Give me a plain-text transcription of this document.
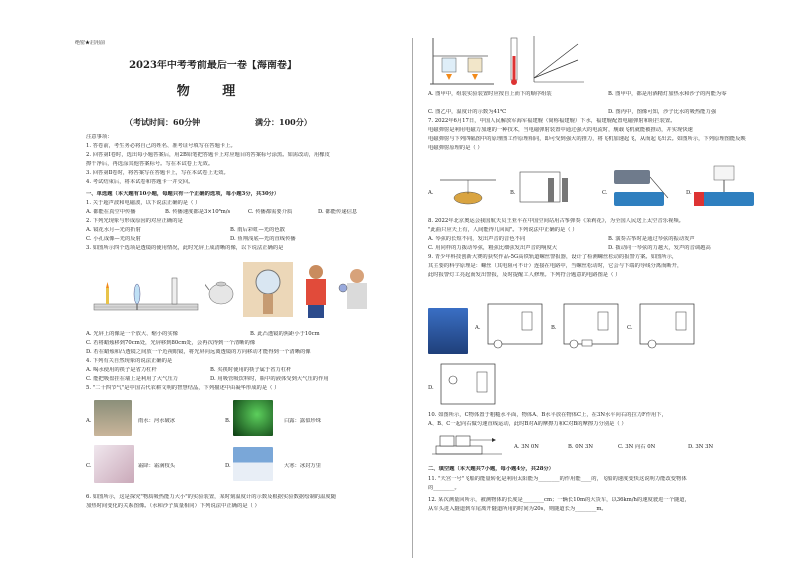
绝密★启用前
2023年中考考前最后一卷【海南卷】
物 理
（考试时间：60分钟	满分：100分）
注意事项：
1. 答卷前，考生务必将自己的姓名、准考证号填写在答题卡上。
2. 回答第Ⅰ卷时，选出每小题答案后，用2B铅笔把答题卡上对应题目的答案标号涂黑。如需改动，用橡皮
擦干净后，再选涂其他答案标号。写在本试卷上无效。
3. 回答第Ⅱ卷时，将答案写在答题卡上，写在本试卷上无效。
4. 考试结束后，将本试卷和答题卡一并交回。
一、单选题（本大题有10小题，每题只有一个正确的选项，每小题3分，共30分）
1. 关于超声波和电磁波，以下说法正确的是（ ）
A. 都能在真空中传播	B. 传播速度都是3×10⁸m/s	C. 传播都需要介质	D. 都能传递信息
2. 下列光现象与形成原因的对应正确的是
A. 镜花水月—光的折射	B. 雨后彩虹—光的色散
C. 小孔成像—光的反射	D. 鱼翔浅底—光的直线传播
3. 如图所示四个选项是透镜的使用情况，此时光屏上成清晰的像，以下说法正确的是
A. 光屏上的像是一个放大、缩小的实像	B. 此凸透镜的焦距小于10cm
C. 若将蜡烛移到70cm处，光屏移到80cm处，会再次得到一个清晰的像
D. 若在蜡烛和凸透镜之间放一个近视眼镜，将光屏向远离透镜的方向移动才能得到一个清晰的像
4. 下列有关自然现象的说法正确的是
A. 喝水使用的筷子是省力杠杆	B. 夹筷时使用的筷子属于省力杠杆
C. 能把吸盘挂在墙上是利用了大气压力	D. 用吸管吸饮料时，瓶中的液体受到大气压的作用
5. "二十四节气"是中国古代农耕文明的智慧结晶，下列描述中由凝华形成的是（ ）
A.	雨水：河水破冰	B.	白露：露似珍珠
C.	霜降：霜满枝头	D.	大寒：冰封万里
6. 如图所示，这是探究"物质吸热能力大小"的实验装置，某时刻温度计的示数及根据实验数据绘制的温度随
加热时间变化的关系图像。（水和沙子质量相同）下列说法中正确的是（ ）
A. 图甲中，组装实验装置时应按自上而下的顺序组装	B. 图甲中，都是用酒精灯加热水和沙子的内能为零
C. 图乙中，温度计的示数为41℃	D. 图丙中，图像可知，沙子比水的吸热能力强
7. 2022年6月17日，中国人民解放军海军福建舰（简称福建舰）下水，福建舰配置电磁弹射和阻拦装置。
电磁弹射是利用电磁力加速的一种技术，当电磁弹射装置中通过强大的电流时，舰载飞机就能被推动，并实现快速
电磁弹射与下列四幅图中的原理图工作原理相同，即可受到强大的推力，将飞机加速起飞，从而起飞出去。如图所示，下列原理图能反映
电磁弹射原理的是（ ）
A.	B.	C.	D.
8. 2022年北京奥运会我国航天员王亚平在中国空间站用古筝弹奏《茉莉花》，为全国人民送上太空音乐视频。
"此曲只应天上有，人间能得几回闻"。下列说法中正确的是（ ）
A. 琴弦的长短不同，发出声音的音色不同	B. 演奏古筝时是通过琴弦的振动发声
C. 用同样的力拨动琴弦，粗弦比细弦发出声音的响度大	D. 拨动同一琴弦的力越大，发声的音调越高
9. 青少年科技创新大赛的获奖作品-5G高铁轨道螺丝警报器，设计了检测螺丝松动的报警方案。如图所示，
其主要的科学原理是：螺丝（其电阻可不计）连接在电路中，当螺丝松动时，它会与下端的导线分离而断开，
此时报警灯工亮起而发出警报，及时提醒工人修理。下列符合题意的电路图是（ ）
A.	B.	C.
D.
10. 如图所示，C物体置于粗糙水平面，物体A、B水平放在物体C上，在3N水平向右的拉力F作用下，
A、B、C一起向右做匀速直线运动，此时B对A的摩擦力和C对B的摩擦力分别是（ ）
A. 3N 0N	B. 0N 3N	C. 3N 向右 0N	D. 3N 3N
二、填空题（本大题共7小题，每小题4分，共28分）
11. "天宫一号"飞船的能量转化是利用太阳能为________的作用能____的，飞船的速度变快这说明力能改变物体
的________。
12. 某次测量回所示，被测物体的长度是________cm；一辆长10m的大货车，以36km/h的速度驶进一个隧道，
从车头进入隧道到车尾离开隧道所用的时间为20s，则隧道长为________m。
